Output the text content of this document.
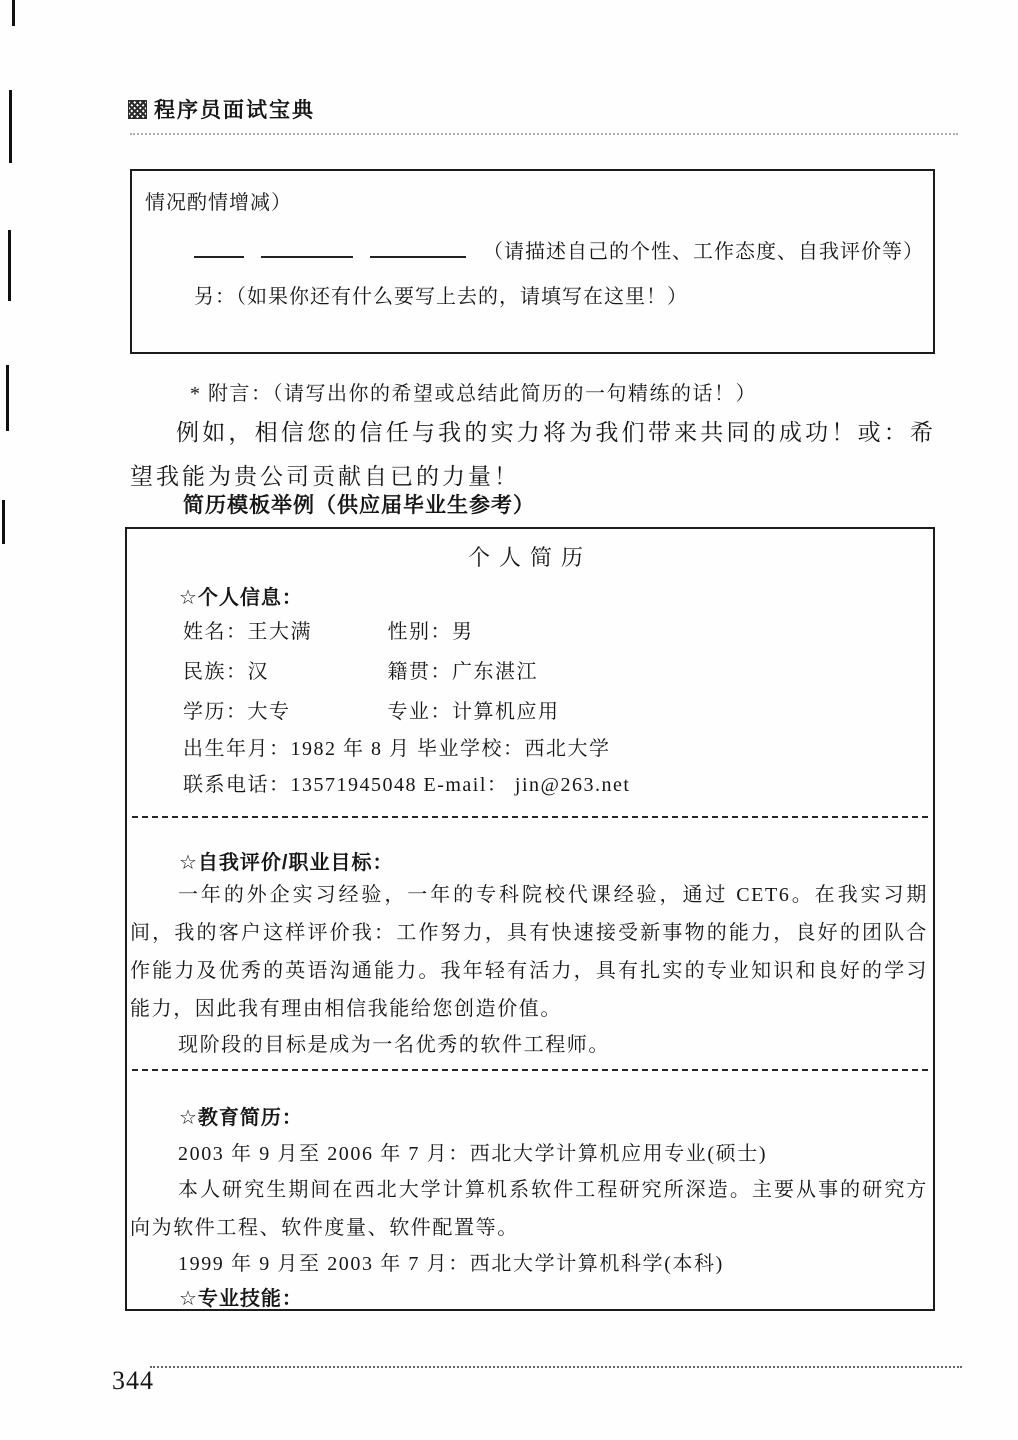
程序员面试宝典
情况酌情增减）
（请描述自己的个性、工作态度、自我评价等）
另：（如果你还有什么要写上去的，请填写在这里！）
* 附言：（请写出你的希望或总结此简历的一句精练的话！）
例如，相信您的信任与我的实力将为我们带来共同的成功！或：希望我能为贵公司贡献自已的力量！
简历模板举例（供应届毕业生参考）
个人简历
☆个人信息：
姓名：王大满	性别：男
民族：汉	籍贯：广东湛江
学历：大专	专业：计算机应用
出生年月：1982 年 8 月 毕业学校：西北大学
联系电话：13571945048 E-mail： jin@263.net
☆自我评价/职业目标：
一年的外企实习经验，一年的专科院校代课经验，通过 CET6。在我实习期间，我的客户这样评价我：工作努力，具有快速接受新事物的能力，良好的团队合作能力及优秀的英语沟通能力。我年轻有活力，具有扎实的专业知识和良好的学习能力，因此我有理由相信我能给您创造价值。
现阶段的目标是成为一名优秀的软件工程师。
☆教育简历：
2003 年 9 月至 2006 年 7 月：西北大学计算机应用专业(硕士)
本人研究生期间在西北大学计算机系软件工程研究所深造。主要从事的研究方向为软件工程、软件度量、软件配置等。
1999 年 9 月至 2003 年 7 月：西北大学计算机科学(本科)
☆专业技能：
344
